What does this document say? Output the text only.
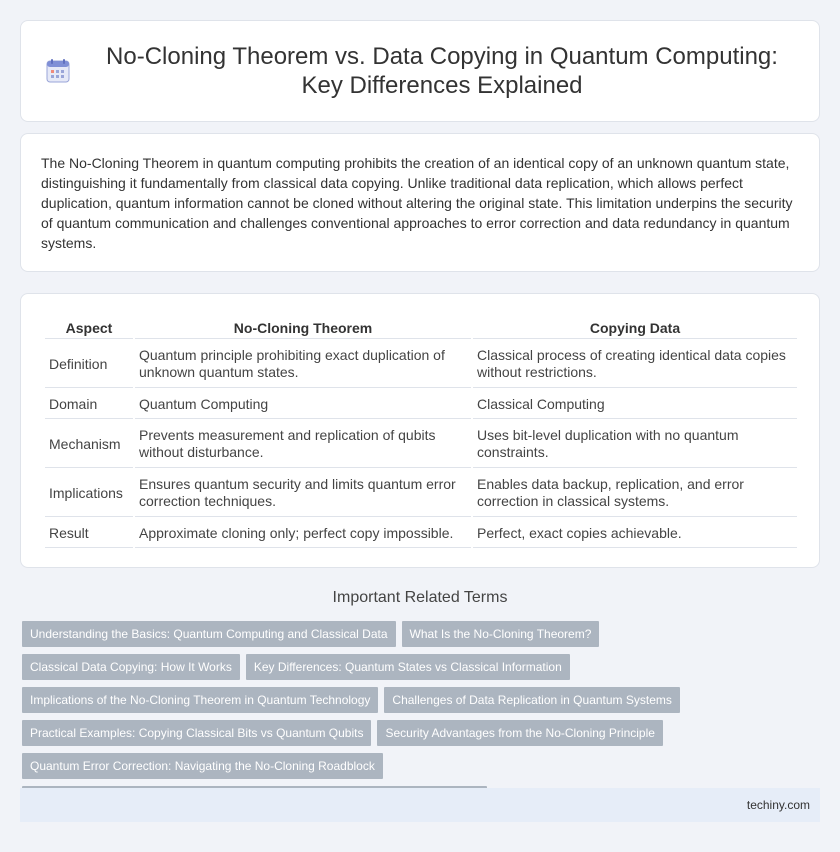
No-Cloning Theorem vs. Data Copying in Quantum Computing: Key Differences Explained

The No-Cloning Theorem in quantum computing prohibits the creation of an identical copy of an unknown quantum state, distinguishing it fundamentally from classical data copying. Unlike traditional data replication, which allows perfect duplication, quantum information cannot be cloned without altering the original state. This limitation underpins the security of quantum communication and challenges conventional approaches to error correction and data redundancy in quantum systems.

Aspect	No-Cloning Theorem	Copying Data
Definition	Quantum principle prohibiting exact duplication of unknown quantum states.	Classical process of creating identical data copies without restrictions.
Domain	Quantum Computing	Classical Computing
Mechanism	Prevents measurement and replication of qubits without disturbance.	Uses bit-level duplication with no quantum constraints.
Implications	Ensures quantum security and limits quantum error correction techniques.	Enables data backup, replication, and error correction in classical systems.
Result	Approximate cloning only; perfect copy impossible.	Perfect, exact copies achievable.
Important Related Terms
Understanding the Basics: Quantum Computing and Classical Data	What Is the No-Cloning Theorem?
Classical Data Copying: How It Works	Key Differences: Quantum States vs Classical Information
Implications of the No-Cloning Theorem in Quantum Technology	Challenges of Data Replication in Quantum Systems
Practical Examples: Copying Classical Bits vs Quantum Qubits	Security Advantages from the No-Cloning Principle
Quantum Error Correction: Navigating the No-Cloning Roadblock
techiny.com
